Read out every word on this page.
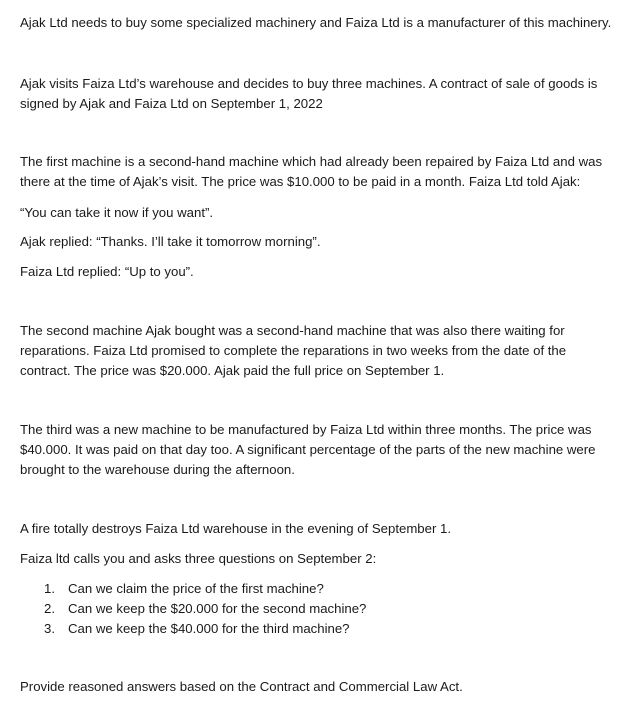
Ajak Ltd needs to buy some specialized machinery and Faiza Ltd is a manufacturer of this machinery.

Ajak visits Faiza Ltd’s warehouse and decides to buy three machines. A contract of sale of goods is signed by Ajak and Faiza Ltd on September 1, 2022

The first machine is a second-hand machine which had already been repaired by Faiza Ltd and was there at the time of Ajak’s visit. The price was $10.000 to be paid in a month. Faiza Ltd told Ajak:

“You can take it now if you want”.

Ajak replied: “Thanks. I’ll take it tomorrow morning”.

Faiza Ltd replied: “Up to you”.

The second machine Ajak bought was a second-hand machine that was also there waiting for reparations. Faiza Ltd promised to complete the reparations in two weeks from the date of the contract. The price was $20.000. Ajak paid the full price on September 1.

The third was a new machine to be manufactured by Faiza Ltd within three months. The price was $40.000. It was paid on that day too. A significant percentage of the parts of the new machine were brought to the warehouse during the afternoon.

A fire totally destroys Faiza Ltd warehouse in the evening of September 1.

Faiza ltd calls you and asks three questions on September 2:

1. Can we claim the price of the first machine?
2. Can we keep the $20.000 for the second machine?
3. Can we keep the $40.000 for the third machine?

Provide reasoned answers based on the Contract and Commercial Law Act.
